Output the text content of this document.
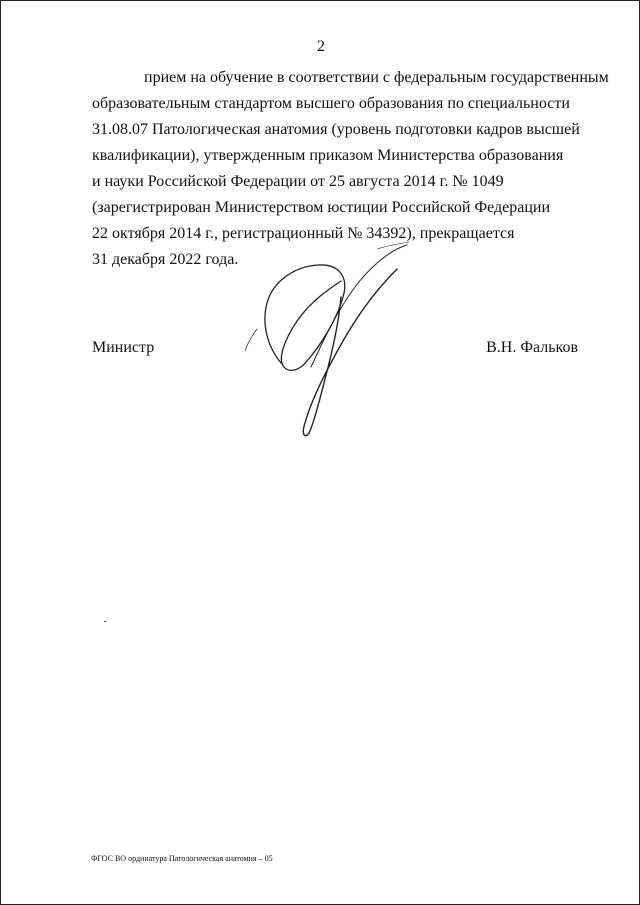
2
прием на обучение в соответствии с федеральным государственным
образовательным стандартом высшего образования по специальности
31.08.07 Патологическая анатомия (уровень подготовки кадров высшей
квалификации), утвержденным приказом Министерства образования
и науки Российской Федерации от 25 августа 2014 г. № 1049
(зарегистрирован Министерством юстиции Российской Федерации
22 октября 2014 г., регистрационный № 34392), прекращается
31 декабря 2022 года.
Министр	В.Н. Фальков
ФГОС ВО ординатура Патологическая анатомия – 05
